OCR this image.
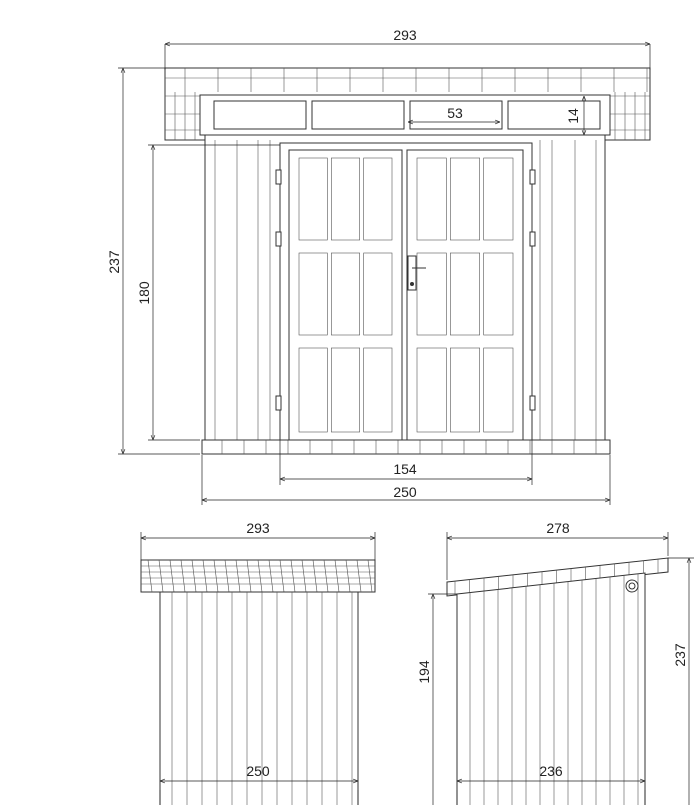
293
53	14
237
180
154
250
293
250
278
194
237
236
